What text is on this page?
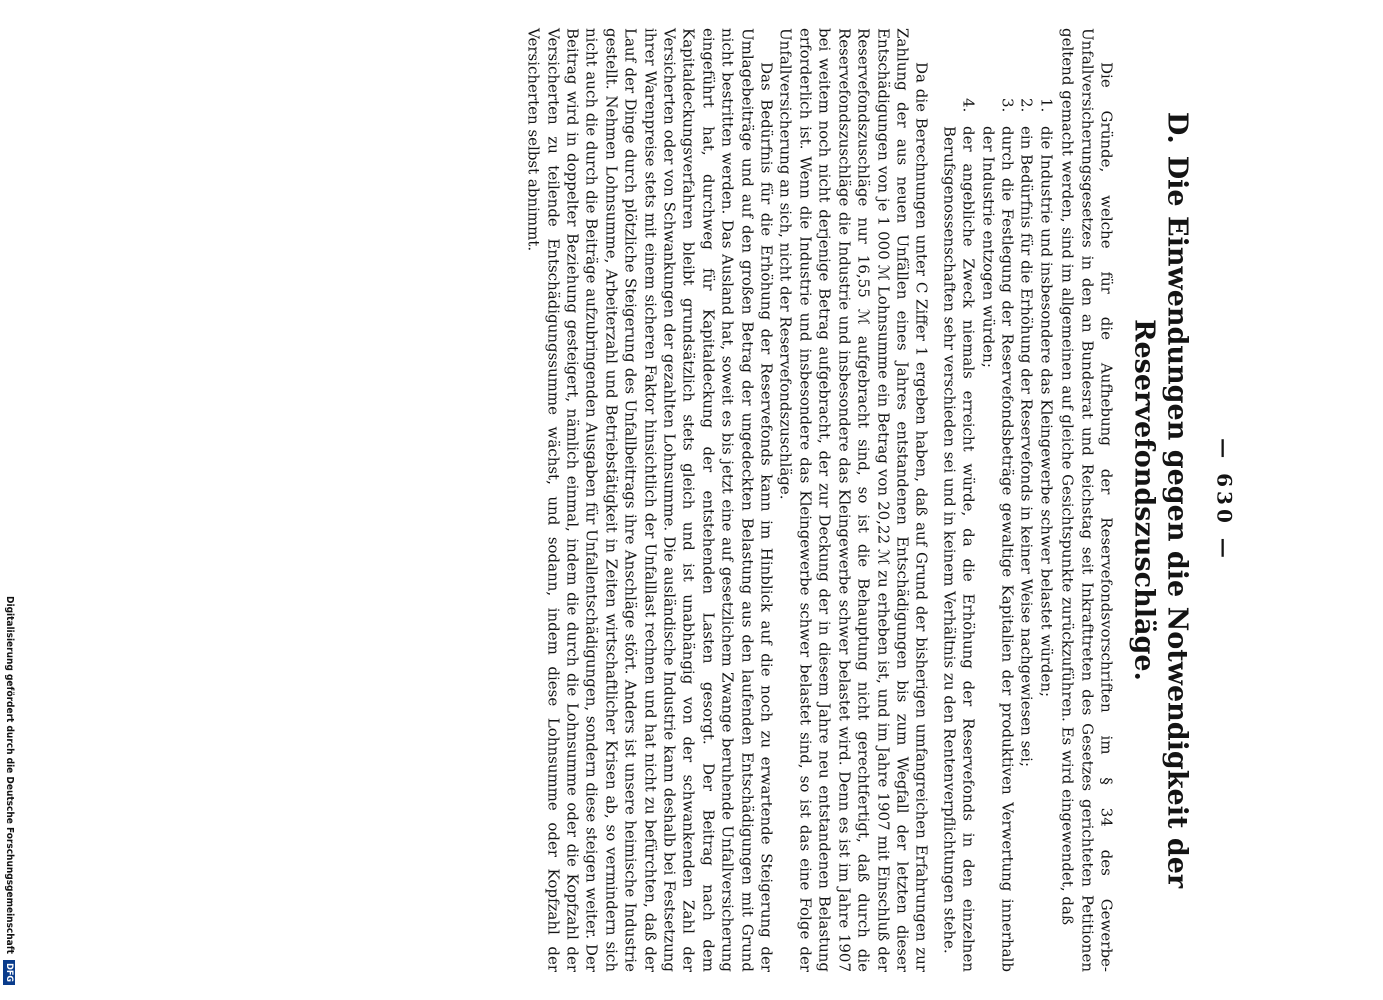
Digitalisierung gefördert durch die Deutsche Forschungsgemeinschaft DFG
— 630 —
D.Die Einwendungen gegen die Notwendigkeit der
Reservefondszuschläge.

Die Gründe, welche für die Aufhebung der Reservefondsvorschriften im § 34 des Gewerbe-Unfallversicherungsgesetzes in den an Bundesrat und Reichstag seit Inkrafttreten des Gesetzes gerichteten Petitionen geltend gemacht werden, sind im allgemeinen auf gleiche Gesichtspunkte zurückzuführen. Es wird eingewendet, daß

1.
die Industrie und insbesondere das Kleingewerbe schwer belastet würden;
2.
ein Bedürfnis für die Erhöhung der Reservefonds in keiner Weise nachgewiesen sei;
3.
durch die Festlegung der Reservefondsbeträge gewaltige Kapitalien der produktiven Verwertung innerhalb der Industrie entzogen würden;
4.
der angebliche Zweck niemals erreicht würde, da die Erhöhung der Reservefonds in den einzelnen Berufsgenossenschaften sehr verschieden sei und in keinem Verhältnis zu den Rentenverpflichtungen stehe.

Da die Berechnungen unter C Ziffer 1 ergeben haben, daß auf Grund der bisherigen umfangreichen Erfahrungen zur Zahlung der aus neuen Unfällen eines Jahres entstandenen Entschädigungen bis zum Wegfall der letzten dieser Entschädigungen von je 1 000 ℳ Lohnsumme ein Betrag von 20,22 ℳ zu erheben ist, und im Jahre 1907 mit Einschluß der Reservefondszuschläge nur 16,55 ℳ aufgebracht sind, so ist die Behauptung nicht gerechtfertigt, daß durch die Reservefondszuschläge die Industrie und insbesondere das Kleingewerbe schwer belastet wird. Denn es ist im Jahre 1907 bei weitem noch nicht derjenige Betrag aufgebracht, der zur Deckung der in diesem Jahre neu entstandenen Belastung erforderlich ist. Wenn die Industrie und insbesondere das Kleingewerbe schwer belastet sind, so ist das eine Folge der Unfallversicherung an sich, nicht der Reservefondszuschläge.

Das Bedürfnis für die Erhöhung der Reservefonds kann im Hinblick auf die noch zu erwartende Steigerung der Umlagebeiträge und auf den großen Betrag der ungedeckten Belastung aus den laufenden Entschädigungen mit Grund nicht bestritten werden. Das Ausland hat, soweit es bis jetzt eine auf gesetzlichem Zwange beruhende Unfallversicherung eingeführt hat, durchweg für Kapitaldeckung der entstehenden Lasten gesorgt. Der Beitrag nach dem Kapitaldeckungsverfahren bleibt grundsätzlich stets gleich und ist unabhängig von der schwankenden Zahl der Versicherten oder von Schwankungen der gezahlten Lohnsumme. Die ausländische Industrie kann deshalb bei Festsetzung ihrer Warenpreise stets mit einem sicheren Faktor hinsichtlich der Unfalllast rechnen und hat nicht zu befürchten, daß der Lauf der Dinge durch plötzliche Steigerung des Unfallbeitrags ihre Anschläge stört. Anders ist unsere heimische Industrie gestellt. Nehmen Lohnsumme, Arbeiterzahl und Betriebstätigkeit in Zeiten wirtschaftlicher Krisen ab, so vermindern sich nicht auch die durch die Beiträge aufzubringenden Ausgaben für Unfallentschädigungen, sondern diese steigen weiter. Der Beitrag wird in doppelter Beziehung gesteigert, nämlich einmal, indem die durch die Lohnsumme oder die Kopfzahl der Versicherten zu teilende Entschädigungssumme wächst, und sodann, indem diese Lohnsumme oder Kopfzahl der Versicherten selbst abnimmt.
